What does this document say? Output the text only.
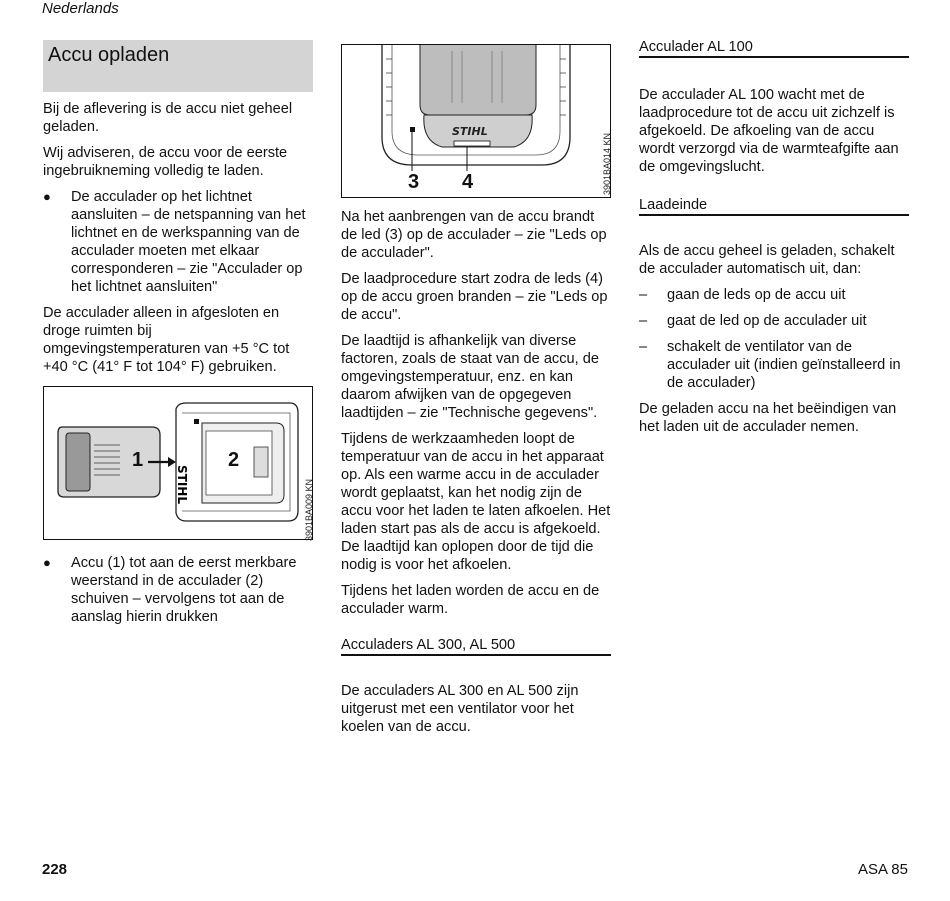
Nederlands
Accu opladen

Bij de aflevering is de accu niet geheel geladen.

Wij adviseren, de accu voor de eerste ingebruikneming volledig te laden.

●	De acculader op het lichtnet aansluiten – de netspanning van het lichtnet en de werkspanning van de acculader moeten met elkaar corresponderen – zie "Acculader op het lichtnet aansluiten"

De acculader alleen in afgesloten en droge ruimten bij omgevingstemperaturen van +5 °C tot +40 °C (41° F tot 104° F) gebruiken.

STIHL
1	2
3901BA009 KN
●	Accu (1) tot aan de eerst merkbare weerstand in de acculader (2) schuiven – vervolgens tot aan de aanslag hierin drukken
STIHL
3 4	3901BA014 KN

Na het aanbrengen van de accu brandt de led (3) op de acculader – zie "Leds op de acculader".

De laadprocedure start zodra de leds (4) op de accu groen branden – zie "Leds op de accu".

De laadtijd is afhankelijk van diverse factoren, zoals de staat van de accu, de omgevingstemperatuur, enz. en kan daarom afwijken van de opgegeven laadtijden – zie "Technische gegevens".

Tijdens de werkzaamheden loopt de temperatuur van de accu in het apparaat op. Als een warme accu in de acculader wordt geplaatst, kan het nodig zijn de accu voor het laden te laten afkoelen. Het laden start pas als de accu is afgekoeld. De laadtijd kan oplopen door de tijd die nodig is voor het afkoelen.

Tijdens het laden worden de accu en de acculader warm.

Acculaders AL 300, AL 500

De acculaders AL 300 en AL 500 zijn uitgerust met een ventilator voor het koelen van de accu.

Acculader AL 100

De acculader AL 100 wacht met de laadprocedure tot de accu uit zichzelf is afgekoeld. De afkoeling van de accu wordt verzorgd via de warmteafgifte aan de omgevingslucht.

Laadeinde

Als de accu geheel is geladen, schakelt de acculader automatisch uit, dan:

–	gaan de leds op de accu uit
–	gaat de led op de acculader uit
–	schakelt de ventilator van de acculader uit (indien geïnstalleerd in de acculader)

De geladen accu na het beëindigen van het laden uit de acculader nemen.

228	ASA 85
